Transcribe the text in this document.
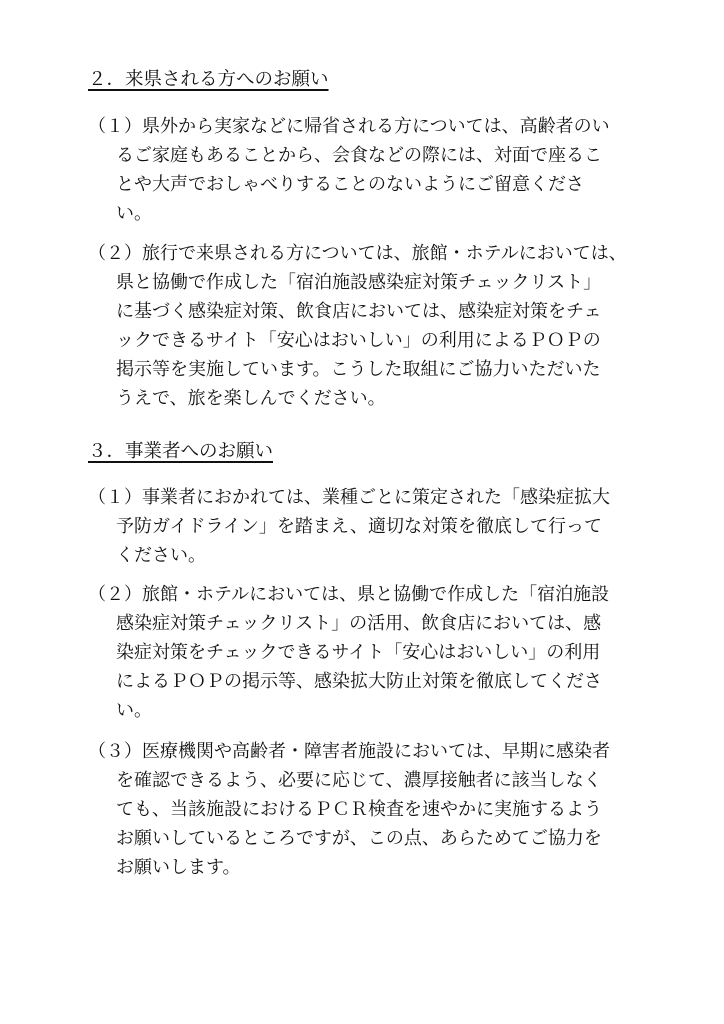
２．来県される方へのお願い
（１）県外から実家などに帰省される方については、高齢者のい
るご家庭もあることから、会食などの際には、対面で座るこ
とや大声でおしゃべりすることのないようにご留意くださ
い。
（２）旅行で来県される方については、旅館・ホテルにおいては、
県と協働で作成した「宿泊施設感染症対策チェックリスト」
に基づく感染症対策、飲食店においては、感染症対策をチェ
ックできるサイト「安心はおいしい」の利用によるＰＯＰの
掲示等を実施しています。こうした取組にご協力いただいた
うえで、旅を楽しんでください。
３．事業者へのお願い
（１）事業者におかれては、業種ごとに策定された「感染症拡大
予防ガイドライン」を踏まえ、適切な対策を徹底して行って
ください。
（２）旅館・ホテルにおいては、県と協働で作成した「宿泊施設
感染症対策チェックリスト」の活用、飲食店においては、感
染症対策をチェックできるサイト「安心はおいしい」の利用
によるＰＯＰの掲示等、感染拡大防止対策を徹底してくださ
い。
（３）医療機関や高齢者・障害者施設においては、早期に感染者
を確認できるよう、必要に応じて、濃厚接触者に該当しなく
ても、当該施設におけるＰＣＲ検査を速やかに実施するよう
お願いしているところですが、この点、あらためてご協力を
お願いします。
